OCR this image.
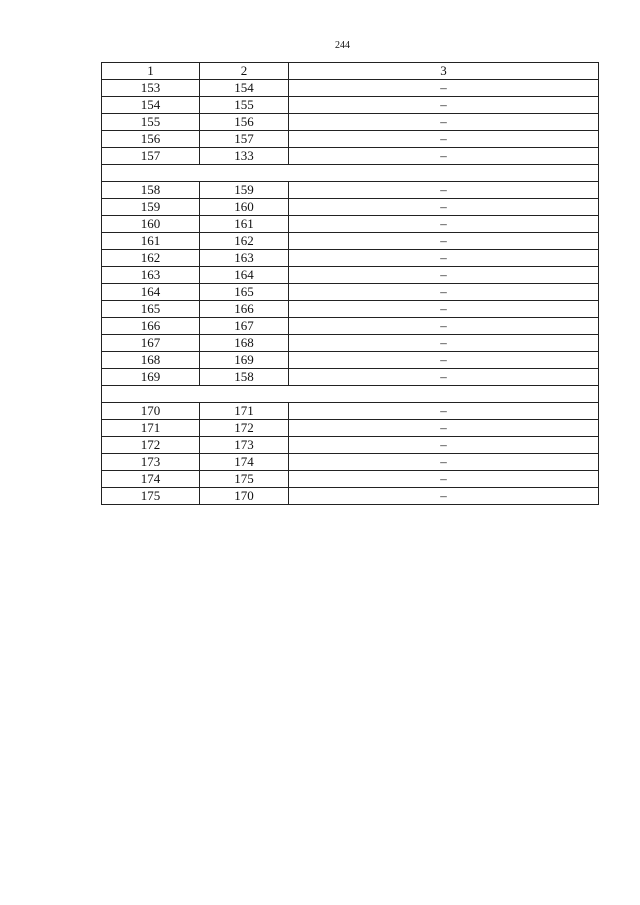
244
1	2	3
153	154	–
154	155	–
155	156	–
156	157	–
157	133	–

158	159	–
159	160	–
160	161	–
161	162	–
162	163	–
163	164	–
164	165	–
165	166	–
166	167	–
167	168	–
168	169	–
169	158	–

170	171	–
171	172	–
172	173	–
173	174	–
174	175	–
175	170	–
